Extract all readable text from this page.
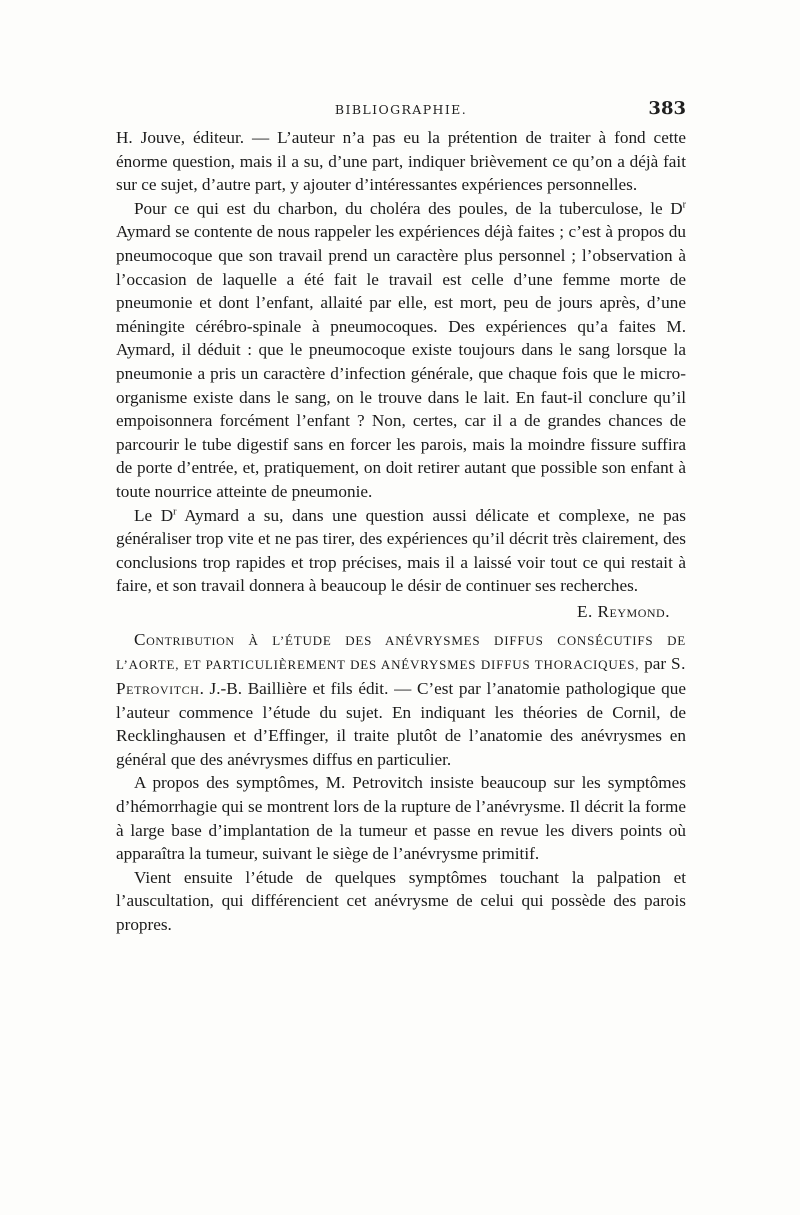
BIBLIOGRAPHIE.	383

H. Jouve, éditeur. — L’auteur n’a pas eu la prétention de traiter à fond cette énorme question, mais il a su, d’une part, indiquer brièvement ce qu’on a déjà fait sur ce sujet, d’autre part, y ajouter d’intéressantes expériences personnelles.

Pour ce qui est du charbon, du choléra des poules, de la tuberculose, le $D^r$ Aymard se contente de nous rappeler les expériences déjà faites ; c’est à propos du pneumocoque que son travail prend un caractère plus personnel ; l’observation à l’occasion de laquelle a été fait le travail est celle d’une femme morte de pneumonie et dont l’enfant, allaité par elle, est mort, peu de jours après, d’une méningite cérébro-spinale à pneumocoques. Des expériences qu’a faites M. Aymard, il déduit : que le pneumocoque existe toujours dans le sang lorsque la pneumonie a pris un caractère d’infection générale, que chaque fois que le micro-organisme existe dans le sang, on le trouve dans le lait. En faut-il conclure qu’il empoisonnera forcément l’enfant ? Non, certes, car il a de grandes chances de parcourir le tube digestif sans en forcer les parois, mais la moindre fissure suffira de porte d’entrée, et, pratiquement, on doit retirer autant que possible son enfant à toute nourrice atteinte de pneumonie.

Le $D^r$ Aymard a su, dans une question aussi délicate et complexe, ne pas généraliser trop vite et ne pas tirer, des expériences qu’il décrit très clairement, des conclusions trop rapides et trop précises, mais il a laissé voir tout ce qui restait à faire, et son travail donnera à beaucoup le désir de continuer ses recherches.

E. Reymond.

Contribution À L’ÉTUDE DES ANÉVRYSMES DIFFUS CONSÉCUTIFS DE L’AORTE, ET PARTICULIÈREMENT DES ANÉVRYSMES DIFFUS THORACIQUES, par S. Petrovitch. J.-B. Baillière et fils édit. — C’est par l’anatomie pathologique que l’auteur commence l’étude du sujet. En indiquant les théories de Cornil, de Recklinghausen et d’Effinger, il traite plutôt de l’anatomie des anévrysmes en général que des anévrysmes diffus en particulier.

A propos des symptômes, M. Petrovitch insiste beaucoup sur les symptômes d’hémorrhagie qui se montrent lors de la rupture de l’anévrysme. Il décrit la forme à large base d’implantation de la tumeur et passe en revue les divers points où apparaîtra la tumeur, suivant le siège de l’anévrysme primitif.

Vient ensuite l’étude de quelques symptômes touchant la palpation et l’auscultation, qui différencient cet anévrysme de celui qui possède des parois propres.
